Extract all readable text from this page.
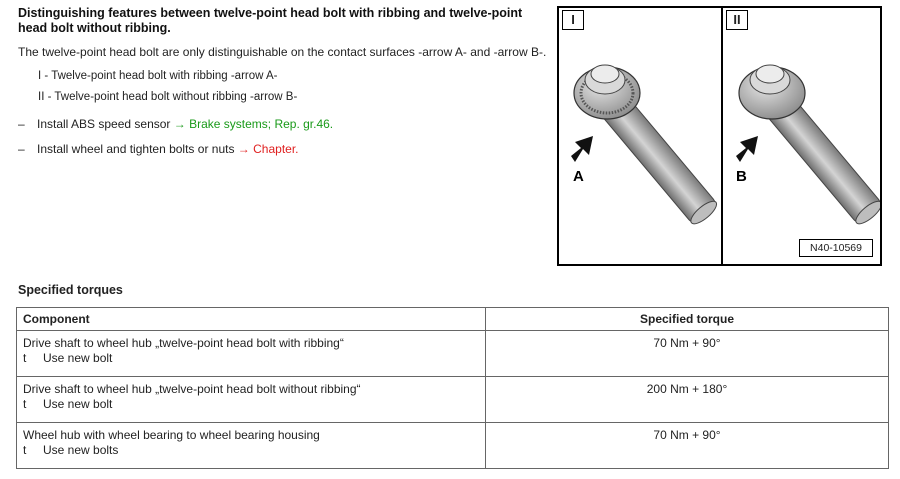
Distinguishing features between twelve-point head bolt with ribbing and twelve-point head bolt without ribbing.
The twelve-point head bolt are only distinguishable on the contact surfaces -arrow A- and -arrow B-.
I - Twelve-point head bolt with ribbing -arrow A-
II - Twelve-point head bolt without ribbing -arrow B-
– Install ABS speed sensor → Brake systems; Rep. gr.46.
– Install wheel and tighten bolts or nuts → Chapter.
A	B
I	II
N40-10569
Specified torques
Component	Specified torque
Drive shaft to wheel hub „twelve-point head bolt with ribbing“
t Use new bolt	70 Nm + 90°
Drive shaft to wheel hub „twelve-point head bolt without ribbing“
t Use new bolt	200 Nm + 180°
Wheel hub with wheel bearing to wheel bearing housing
t Use new bolts	70 Nm + 90°
